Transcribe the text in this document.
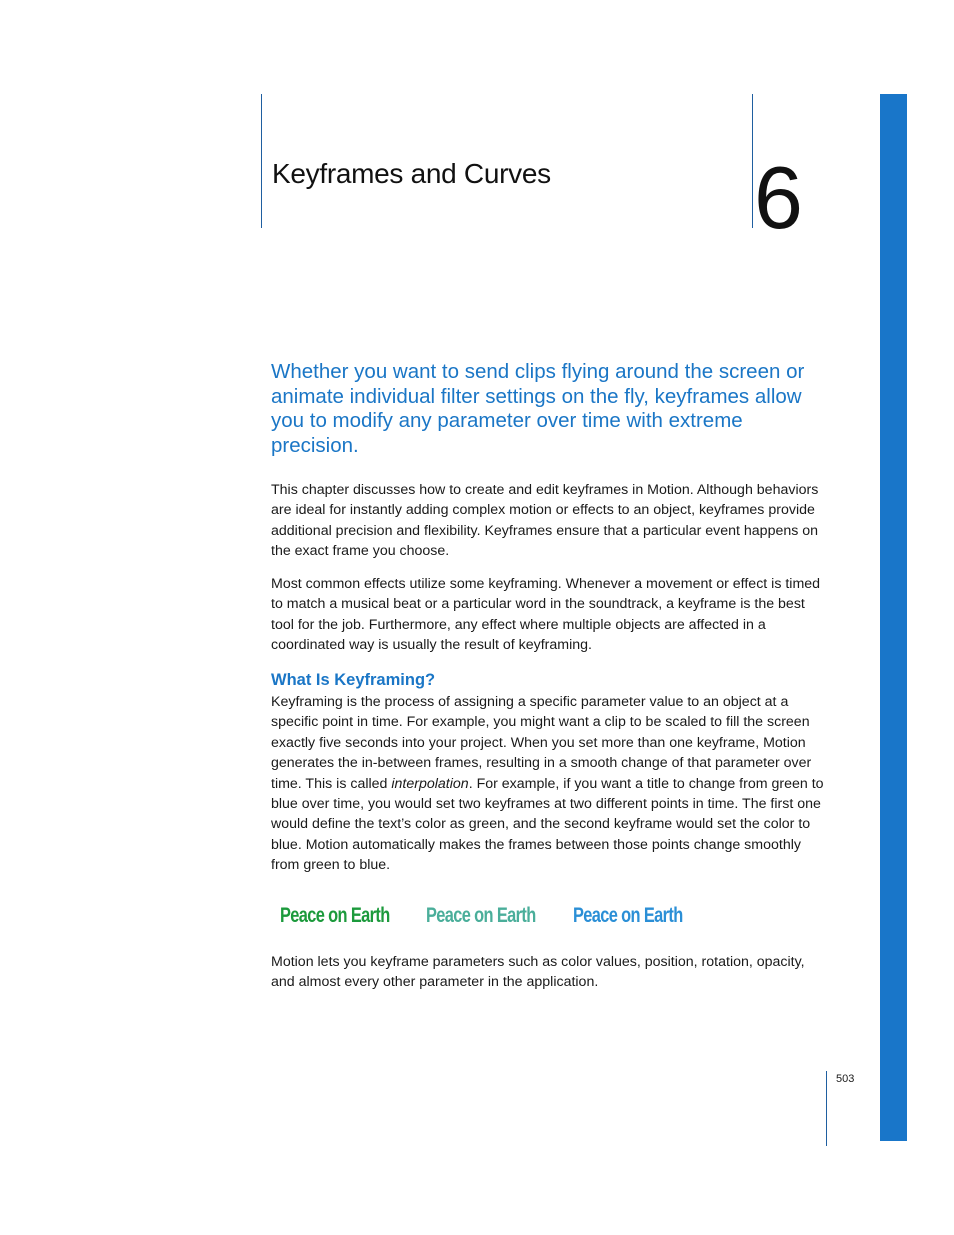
Keyframes and Curves 6

Whether you want to send clips flying around the screen or animate individual filter settings on the fly, keyframes allow you to modify any parameter over time with extreme precision.

This chapter discusses how to create and edit keyframes in Motion. Although behaviors are ideal for instantly adding complex motion or effects to an object, keyframes provide additional precision and flexibility. Keyframes ensure that a particular event happens on the exact frame you choose.

Most common effects utilize some keyframing. Whenever a movement or effect is timed to match a musical beat or a particular word in the soundtrack, a keyframe is the best tool for the job. Furthermore, any effect where multiple objects are affected in a coordinated way is usually the result of keyframing.

What Is Keyframing?

Keyframing is the process of assigning a specific parameter value to an object at a specific point in time. For example, you might want a clip to be scaled to fill the screen exactly five seconds into your project. When you set more than one keyframe, Motion generates the in-between frames, resulting in a smooth change of that parameter over time. This is called interpolation. For example, if you want a title to change from green to blue over time, you would set two keyframes at two different points in time. The first one would define the text’s color as green, and the second keyframe would set the color to blue. Motion automatically makes the frames between those points change smoothly from green to blue.

Peace on Earth Peace on Earth Peace on Earth

Motion lets you keyframe parameters such as color values, position, rotation, opacity, and almost every other parameter in the application.

503
